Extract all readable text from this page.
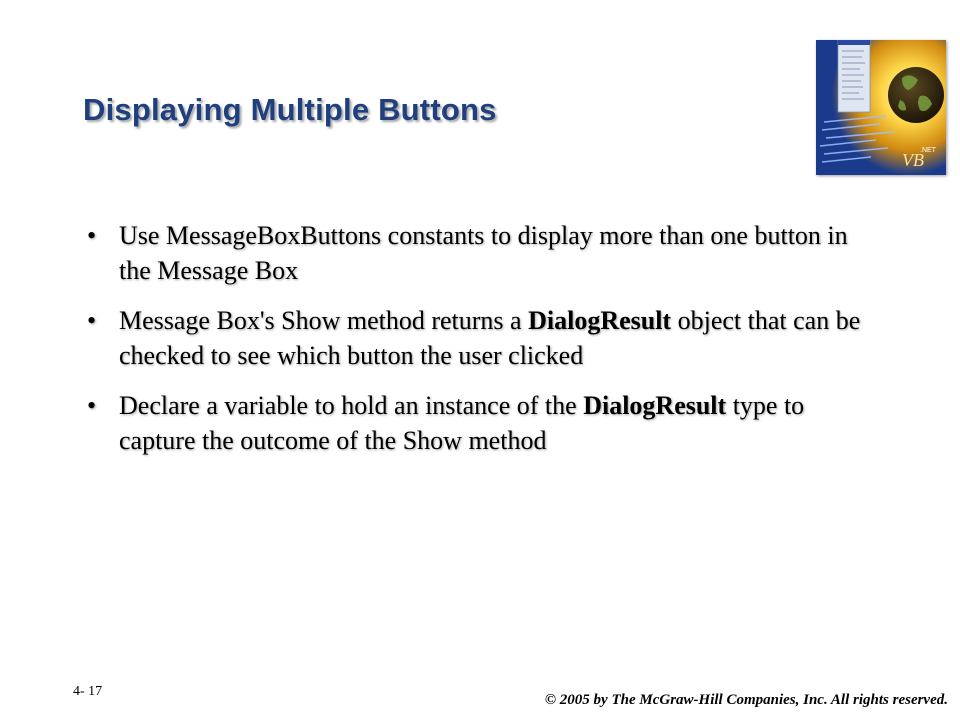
Displaying Multiple Buttons
VB
.NET
• Use MessageBoxButtons constants to display more than one button in the Message Box
• Message Box's Show method returns a DialogResult object that can be checked to see which button the user clicked
• Declare a variable to hold an instance of the DialogResult type to capture the outcome of the Show method
4- 17
© 2005 by The McGraw-Hill Companies, Inc. All rights reserved.
